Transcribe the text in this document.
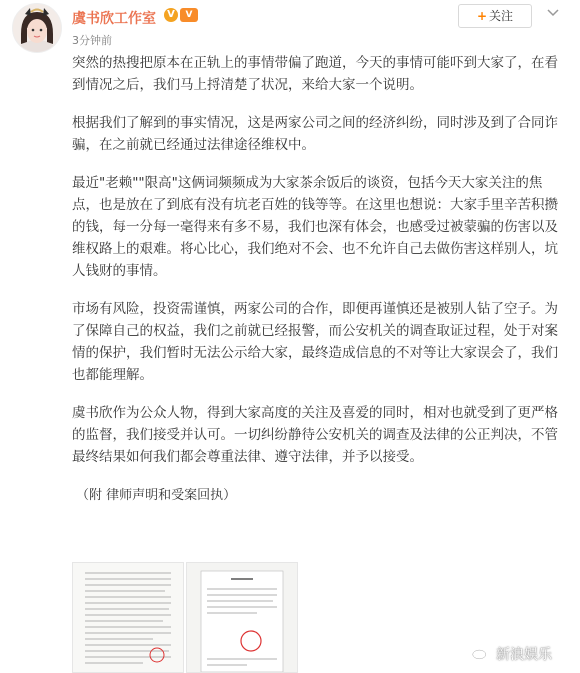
虞书欣工作室	V	V
3分钟前
+ 关注

突然的热搜把原本在正轨上的事情带偏了跑道，今天的事情可能吓到大家了，在看到情况之后，我们马上捋清楚了状况，来给大家一个说明。

根据我们了解到的事实情况，这是两家公司之间的经济纠纷，同时涉及到了合同诈骗，在之前就已经通过法律途径维权中。

最近"老赖""限高"这俩词频频成为大家茶余饭后的谈资，包括今天大家关注的焦点，也是放在了到底有没有坑老百姓的钱等等。在这里也想说：大家手里辛苦积攒的钱，每一分每一毫得来有多不易，我们也深有体会，也感受过被蒙骗的伤害以及维权路上的艰难。将心比心，我们绝对不会、也不允许自己去做伤害这样别人，坑人钱财的事情。

市场有风险，投资需谨慎，两家公司的合作，即便再谨慎还是被别人钻了空子。为了保障自己的权益，我们之前就已经报警，而公安机关的调查取证过程，处于对案情的保护，我们暂时无法公示给大家，最终造成信息的不对等让大家误会了，我们也都能理解。

虞书欣作为公众人物，得到大家高度的关注及喜爱的同时，相对也就受到了更严格的监督，我们接受并认可。一切纠纷静待公安机关的调查及法律的公正判决，不管最终结果如何我们都会尊重法律、遵守法律，并予以接受。

（附 律师声明和受案回执）

新浪娱乐
